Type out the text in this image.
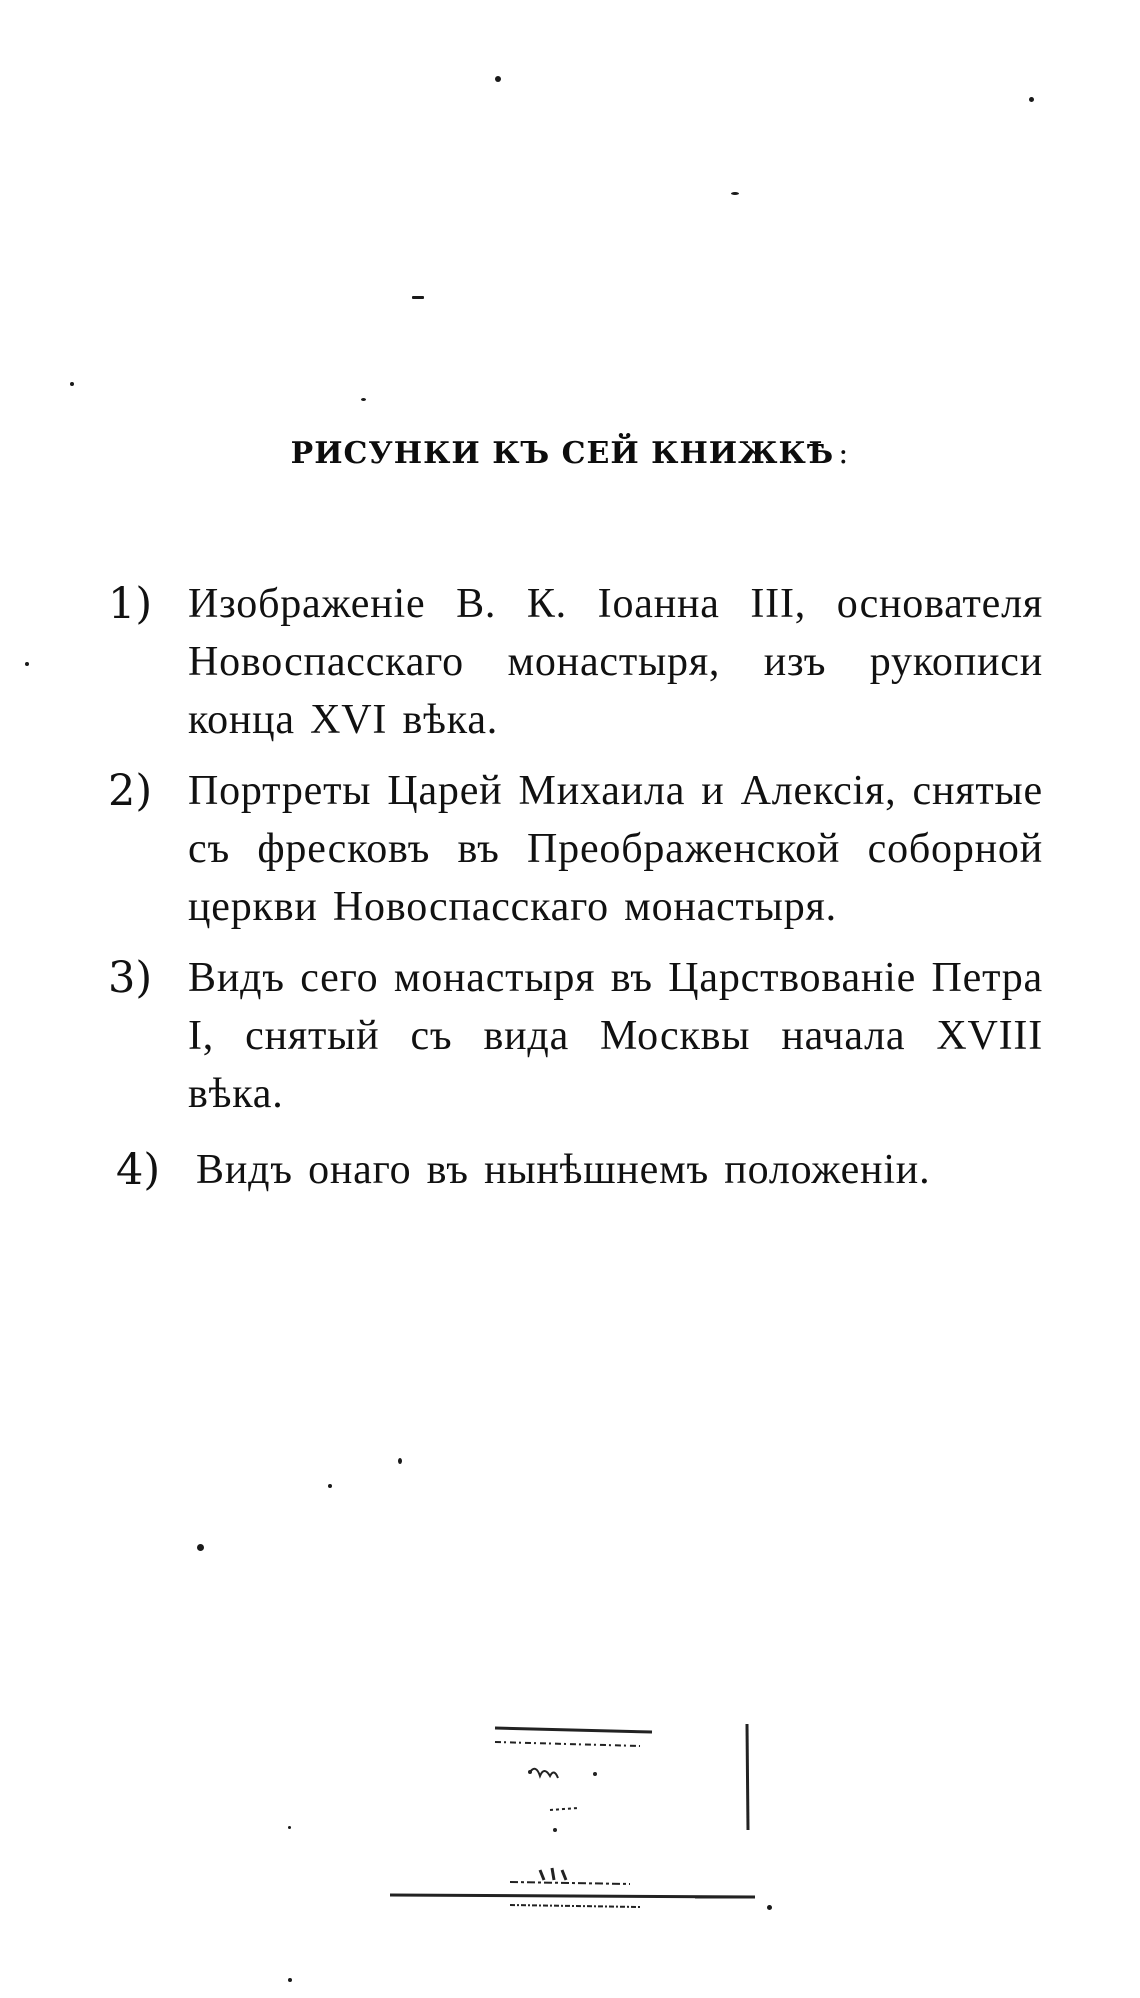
РИСУНКИ КЪ СЕЙ КНИЖКѢ :
1) Изображеніе В. К. Іоанна III, основателя Новоспасскаго монастыря, изъ рукописи конца XVI вѣка.
2) Портреты Царей Михаила и Алексія, снятые съ фресковъ въ Преображенской соборной церкви Новоспасскаго монастыря.
3) Видъ сего монастыря въ Царствованіе Петра I, снятый съ вида Москвы начала XVIII вѣка.
4) Видъ онаго въ нынѣшнемъ положеніи.
